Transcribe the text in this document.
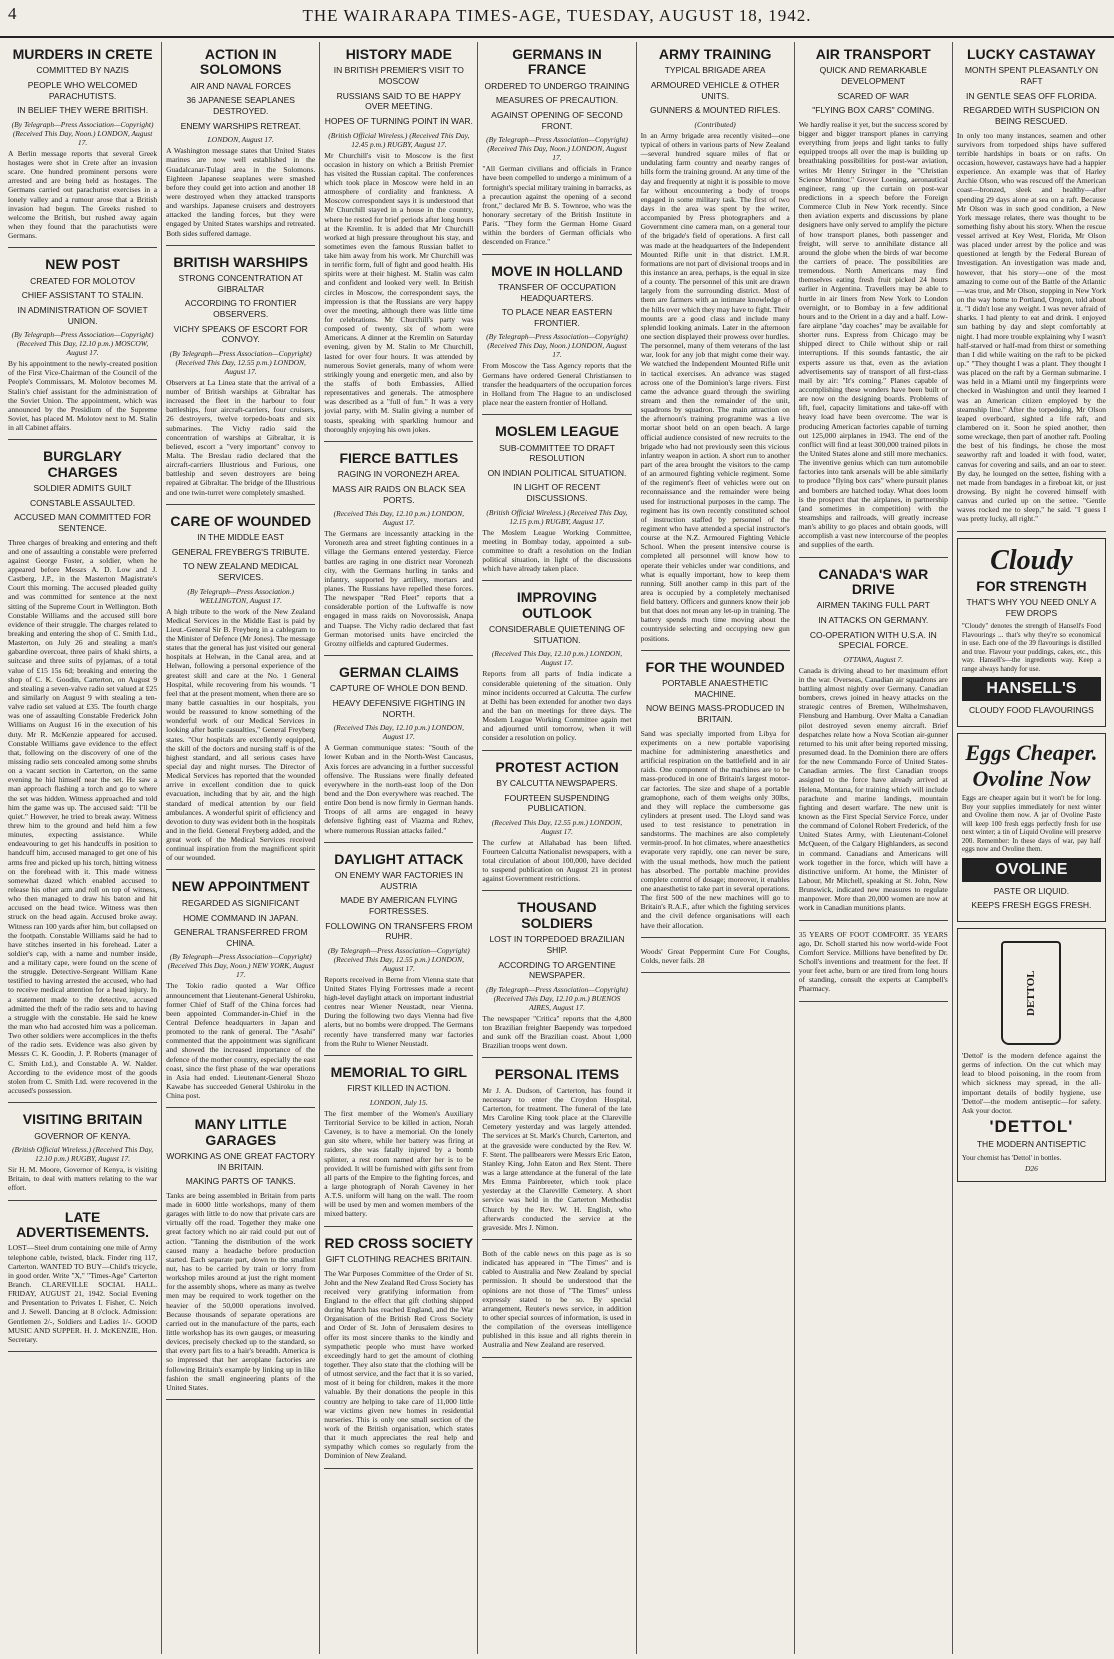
4	THE WAIRARAPA TIMES-AGE, TUESDAY, AUGUST 18, 1942.
MURDERS IN CRETE
COMMITTED BY NAZIS
PEOPLE WHO WELCOMED PARACHUTISTS.
IN BELIEF THEY WERE BRITISH.
(By Telegraph—Press Association—Copyright) (Received This Day, Noon.) LONDON, August 17.
A Berlin message reports that several Greek hostages were shot in Crete after an invasion scare. One hundred prominent persons were arrested and are being held as hostages. The Germans carried out parachutist exercises in a lonely valley and a rumour arose that a British invasion had begun. The Greeks rushed to welcome the British, but rushed away again when they found that the parachutists were Germans.
NEW POST
CREATED FOR MOLOTOV
CHIEF ASSISTANT TO STALIN.
IN ADMINISTRATION OF SOVIET UNION.
(By Telegraph—Press Association—Copyright) (Received This Day, 12.10 p.m.) MOSCOW, August 17.
By his appointment to the newly-created position of the First Vice-Chairman of the Council of the People's Commissars, M. Molotov becomes M. Stalin's chief assistant for the administration of the Soviet Union. The appointment, which was announced by the Presidium of the Supreme Soviet, has placed M. Molotov next to M. Stalin in all Cabinet affairs.
BURGLARY CHARGES
SOLDIER ADMITS GUILT
CONSTABLE ASSAULTED.
ACCUSED MAN COMMITTED FOR SENTENCE.
Three charges of breaking and entering and theft and one of assaulting a constable were preferred against George Foster, a soldier, when he appeared before Messrs A. D. Low and J. Castberg, J.P., in the Masterton Magistrate's Court this morning. The accused pleaded guilty and was committed for sentence at the next sitting of the Supreme Court in Wellington. Both Constable Williams and the accused still bore evidence of their struggle. The charges related to breaking and entering the shop of C. Smith Ltd., Masterton, on July 26 and stealing a man's gabardine overcoat, three pairs of khaki shirts, a suitcase and three suits of pyjamas, of a total value of £15 15s 6d; breaking and entering the shop of C. K. Goodin, Carterton, on August 9 and stealing a seven-valve radio set valued at £25 and similarly on August 9 with stealing a ten-valve radio set valued at £35. The fourth charge was one of assaulting Constable Frederick John Williams on August 16 in the execution of his duty. Mr R. McKenzie appeared for accused. Constable Williams gave evidence to the effect that, following on the discovery of one of the missing radio sets concealed among some shrubs on a vacant section in Carterton, on the same evening he hid himself near the set. He saw a man approach flashing a torch and go to where the set was hidden. Witness approached and told him the game was up. The accused said: "I'll be quiet." However, he tried to break away. Witness threw him to the ground and held him a few minutes, expecting assistance. While endeavouring to get his handcuffs in position to handcuff him, accused managed to get one of his arms free and picked up his torch, hitting witness on the forehead with it. This made witness somewhat dazed which enabled accused to release his other arm and roll on top of witness, who then managed to draw his baton and hit accused on the head twice. Witness was then struck on the head again. Accused broke away. Witness ran 100 yards after him, but collapsed on the footpath. Constable Williams said he had to have stitches inserted in his forehead. Later a soldier's cap, with a name and number inside, and a military cape, were found on the scene of the struggle. Detective-Sergeant William Kane testified to having arrested the accused, who had to receive medical attention for a head injury. In a statement made to the detective, accused admitted the theft of the radio sets and to having a struggle with the constable. He said he knew the man who had accosted him was a policeman. Two other soldiers were accomplices in the thefts of the radio sets. Evidence was also given by Messrs C. K. Goodin, J. P. Roberts (manager of C. Smith Ltd.), and Constable A. W. Nalder. According to the evidence most of the goods stolen from C. Smith Ltd. were recovered in the accused's possession.
VISITING BRITAIN
GOVERNOR OF KENYA.
(British Official Wireless.) (Received This Day, 12.10 p.m.) RUGBY, August 17.
Sir H. M. Moore, Governor of Kenya, is visiting Britain, to deal with matters relating to the war effort.
LATE ADVERTISEMENTS.
LOST—Steel drum containing one mile of Army telephone cable, twisted, black. Finder ring 117, Carterton. WANTED TO BUY—Child's tricycle, in good order. Write "X," "Times-Age" Carterton Branch. CLAREVILLE SOCIAL HALL. FRIDAY, AUGUST 21, 1942. Social Evening and Presentation to Privates I. Fisher, C. Neich and J. Sewell. Dancing at 8 o'clock. Admission: Gentlemen 2/-, Soldiers and Ladies 1/-. GOOD MUSIC AND SUPPER. H. J. McKENZIE, Hon. Secretary.
ACTION IN SOLOMONS
AIR AND NAVAL FORCES
36 JAPANESE SEAPLANES DESTROYED.
ENEMY WARSHIPS RETREAT.
LONDON, August 17.
A Washington message states that United States marines are now well established in the Guadalcanar-Tulagi area in the Solomons. Eighteen Japanese seaplanes were smashed before they could get into action and another 18 were destroyed when they attacked transports and warships. Japanese cruisers and destroyers attacked the landing forces, but they were engaged by United States warships and retreated. Both sides suffered damage.
BRITISH WARSHIPS
STRONG CONCENTRATION AT GIBRALTAR
ACCORDING TO FRONTIER OBSERVERS.
VICHY SPEAKS OF ESCORT FOR CONVOY.
(By Telegraph—Press Association—Copyright) (Received This Day, 12.55 p.m.) LONDON, August 17.
Observers at La Linea state that the arrival of a number of British warships at Gibraltar has increased the fleet in the harbour to four battleships, four aircraft-carriers, four cruisers, 26 destroyers, twelve torpedo-boats and six submarines. The Vichy radio said the concentration of warships at Gibraltar, it is believed, escort a "very important" convoy to Malta. The Breslau radio declared that the aircraft-carriers Illustrious and Furious, one battleship and seven destroyers are being repaired at Gibraltar. The bridge of the Illustrious and one twin-turret were completely smashed.
CARE OF WOUNDED
IN THE MIDDLE EAST
GENERAL FREYBERG'S TRIBUTE.
TO NEW ZEALAND MEDICAL SERVICES.
(By Telegraph—Press Association.) WELLINGTON, August 17.
A high tribute to the work of the New Zealand Medical Services in the Middle East is paid by Lieut.-General Sir B. Freyberg in a cablegram to the Minister of Defence (Mr Jones). The message states that the general has just visited our general hospitals at Helwan, in the Canal area, and at Helwan, following a personal experience of the greatest skill and care at the No. 1 General Hospital, while recovering from his wounds. "I feel that at the present moment, when there are so many battle casualties in our hospitals, you would be reassured to know something of the wonderful work of our Medical Services in looking after battle casualties," General Freyberg states. "Our hospitals are excellently equipped, the skill of the doctors and nursing staff is of the highest standard, and all serious cases have special day and night nurses. The Director of Medical Services has reported that the wounded arrive in excellent condition due to quick evacuation, including that by air, and the high standard of medical attention by our field ambulances. A wonderful spirit of efficiency and devotion to duty was evident both in the hospitals and in the field. General Freyberg added, and the great work of the Medical Services received continual inspiration from the magnificent spirit of our wounded.
NEW APPOINTMENT
REGARDED AS SIGNIFICANT
HOME COMMAND IN JAPAN.
GENERAL TRANSFERRED FROM CHINA.
(By Telegraph—Press Association—Copyright) (Received This Day, Noon.) NEW YORK, August 17.
The Tokio radio quoted a War Office announcement that Lieutenant-General Ushiroku, former Chief of Staff of the China forces had been appointed Commander-in-Chief in the Central Defence headquarters in Japan and promoted to the rank of general. The "Asahi" commented that the appointment was significant and showed the increased importance of the defence of the mother country, especially the east coast, since the first phase of the war operations in Asia had ended. Lieutenant-General Shozo Kawabe has succeeded General Ushiroku in the China post.
MANY LITTLE GARAGES
WORKING AS ONE GREAT FACTORY IN BRITAIN.
MAKING PARTS OF TANKS.
Tanks are being assembled in Britain from parts made in 6000 little workshops, many of them garages with little to do now that private cars are virtually off the road. Together they make one great factory which no air raid could put out of action. "Tanning the distribution of the work caused many a headache before production started. Each separate part, down to the smallest nut, has to be carried by train or lorry from workshop miles around at just the right moment for the assembly shops, where as many as twelve men may be required to work together on the heavier of the 50,000 operations involved. Because thousands of separate operations are carried out in the manufacture of the parts, each little workshop has its own gauges, or measuring devices, precisely checked up to the standard, so that every part fits to a hair's breadth. America is so impressed that her aeroplane factories are following Britain's example by linking up in like fashion the small engineering plants of the United States.
HISTORY MADE
IN BRITISH PREMIER'S VISIT TO MOSCOW
RUSSIANS SAID TO BE HAPPY OVER MEETING.
HOPES OF TURNING POINT IN WAR.
(British Official Wireless.) (Received This Day, 12.45 p.m.) RUGBY, August 17.
Mr Churchill's visit to Moscow is the first occasion in history on which a British Premier has visited the Russian capital. The conferences which took place in Moscow were held in an atmosphere of cordiality and frankness. A Moscow correspondent says it is understood that Mr Churchill stayed in a house in the country, where he rested for brief periods after long hours at the Kremlin. It is added that Mr Churchill worked at high pressure throughout his stay, and sometimes even the famous Russian ballet to take him away from his work. Mr Churchill was in terrific form, full of fight and good health. His spirits were at their highest. M. Stalin was calm and confident and looked very well. In British circles in Moscow, the correspondent says, the impression is that the Russians are very happy over the meeting, although there was little time for celebrations. Mr Churchill's party was composed of twenty, six of whom were Americans. A dinner at the Kremlin on Saturday evening, given by M. Stalin to Mr Churchill, lasted for over four hours. It was attended by numerous Soviet generals, many of whom were strikingly young and energetic men, and also by the staffs of both Embassies, Allied representatives and generals. The atmosphere was described as a "full of fun." It was a very jovial party, with M. Stalin giving a number of toasts, speaking with sparkling humour and thoroughly enjoying his own jokes.
FIERCE BATTLES
RAGING IN VORONEZH AREA.
MASS AIR RAIDS ON BLACK SEA PORTS.
(Received This Day, 12.10 p.m.) LONDON, August 17.
The Germans are incessantly attacking in the Voronezh area and street fighting continues in a village the Germans entered yesterday. Fierce battles are raging in one district near Voronezh city, with the Germans hurling in tanks and infantry, supported by artillery, mortars and planes. The Russians have repelled these forces. The newspaper "Red Fleet" reports that a considerable portion of the Luftwaffe is now engaged in mass raids on Novorossisk, Anapa and Tuapse. The Vichy radio declared that fast German motorised units have encircled the Grozny oilfields and captured Gudermes.
GERMAN CLAIMS
CAPTURE OF WHOLE DON BEND.
HEAVY DEFENSIVE FIGHTING IN NORTH.
(Received This Day, 12.10 p.m.) LONDON, August 17.
A German communique states: "South of the lower Kuban and in the North-West Caucasus, Axis forces are advancing in a further successful offensive. The Russians were finally defeated everywhere in the north-east loop of the Don bend and the Don everywhere was reached. The entire Don bend is now firmly in German hands. Troops of all arms are engaged in heavy defensive fighting east of Viazma and Rzhev, where numerous Russian attacks failed."
DAYLIGHT ATTACK
ON ENEMY WAR FACTORIES IN AUSTRIA
MADE BY AMERICAN FLYING FORTRESSES.
FOLLOWING ON TRANSFERS FROM RUHR.
(By Telegraph—Press Association—Copyright) (Received This Day, 12.55 p.m.) LONDON, August 17.
Reports received in Berne from Vienna state that United States Flying Fortresses made a recent high-level daylight attack on important industrial centres near Wiener Neustadt, near Vienna. During the following two days Vienna had five alerts, but no bombs were dropped. The Germans recently have transferred many war factories from the Ruhr to Wiener Neustadt.
MEMORIAL TO GIRL
FIRST KILLED IN ACTION.
LONDON, July 15.
The first member of the Women's Auxiliary Territorial Service to be killed in action, Norah Caveney, is to have a memorial. On the lonely gun site where, while her battery was firing at raiders, she was fatally injured by a bomb splinter, a rest room named after her is to be provided. It will be furnished with gifts sent from all parts of the Empire to the fighting forces, and a large photograph of Norah Caveney in her A.T.S. uniform will hang on the wall. The room will be used by men and women members of the mixed battery.
RED CROSS SOCIETY
GIFT CLOTHING REACHES BRITAIN.
The War Purposes Committee of the Order of St. John and the New Zealand Red Cross Society has received very gratifying information from England to the effect that gift clothing shipped during March has reached England, and the War Organisation of the British Red Cross Society and Order of St. John of Jerusalem desires to offer its most sincere thanks to the kindly and sympathetic people who must have worked exceedingly hard to get the amount of clothing together. They also state that the clothing will be of utmost service, and the fact that it is so varied, most of it being for children, makes it the more valuable. By their donations the people in this country are helping to take care of 11,000 little war victims given new homes in residential nurseries. This is only one small section of the work of the British organisation, which states that it much appreciates the real help and sympathy which comes so regularly from the Dominion of New Zealand.
GERMANS IN FRANCE
ORDERED TO UNDERGO TRAINING
MEASURES OF PRECAUTION.
AGAINST OPENING OF SECOND FRONT.
(By Telegraph—Press Association—Copyright) (Received This Day, Noon.) LONDON, August 17.
"All German civilians and officials in France have been compelled to undergo a minimum of a fortnight's special military training in barracks, as a precaution against the opening of a second front," declared Mr B. S. Townroe, who was the honorary secretary of the British Institute in Paris. "They form the German Home Guard within the borders of German officials who descended on France."
MOVE IN HOLLAND
TRANSFER OF OCCUPATION HEADQUARTERS.
TO PLACE NEAR EASTERN FRONTIER.
(By Telegraph—Press Association—Copyright) (Received This Day, Noon.) LONDON, August 17.
From Moscow the Tass Agency reports that the Germans have ordered General Christiansen to transfer the headquarters of the occupation forces in Holland from The Hague to an undisclosed place near the eastern frontier of Holland.
MOSLEM LEAGUE
SUB-COMMITTEE TO DRAFT RESOLUTION
ON INDIAN POLITICAL SITUATION.
IN LIGHT OF RECENT DISCUSSIONS.
(British Official Wireless.) (Received This Day, 12.15 p.m.) RUGBY, August 17.
The Moslem League Working Committee, meeting in Bombay today, appointed a sub-committee to draft a resolution on the Indian political situation, in light of the discussions which have already taken place.
IMPROVING OUTLOOK
CONSIDERABLE QUIETENING OF SITUATION.
(Received This Day, 12.10 p.m.) LONDON, August 17.
Reports from all parts of India indicate a considerable quietening of the situation. Only minor incidents occurred at Calcutta. The curfew at Delhi has been extended for another two days and the ban on meetings for three days. The Moslem League Working Committee again met and adjourned until tomorrow, when it will consider a resolution on policy.
PROTEST ACTION
BY CALCUTTA NEWSPAPERS.
FOURTEEN SUSPENDING PUBLICATION.
(Received This Day, 12.55 p.m.) LONDON, August 17.
The curfew at Allahabad has been lifted. Fourteen Calcutta Nationalist newspapers, with a total circulation of about 100,000, have decided to suspend publication on August 21 in protest against Government restrictions.
THOUSAND SOLDIERS
LOST IN TORPEDOED BRAZILIAN SHIP.
ACCORDING TO ARGENTINE NEWSPAPER.
(By Telegraph—Press Association—Copyright) (Received This Day, 12.10 p.m.) BUENOS AIRES, August 17.
The newspaper "Critica" reports that the 4,800 ton Brazilian freighter Baependy was torpedoed and sunk off the Brazilian coast. About 1,000 Brazilian troops went down.
PERSONAL ITEMS
Mr J. A. Dudson, of Carterton, has found it necessary to enter the Croydon Hospital, Carterton, for treatment. The funeral of the late Mrs Caroline King took place at the Clareville Cemetery yesterday and was largely attended. The services at St. Mark's Church, Carterton, and at the graveside were conducted by the Rev. W. F. Stent. The pallbearers were Messrs Eric Eaton, Stanley King, John Eaton and Rex Stent. There was a large attendance at the funeral of the late Mrs Emma Painbreeter, which took place yesterday at the Clareville Cemetery. A short service was held in the Carterton Methodist Church by the Rev. W. H. English, who afterwards conducted the service at the graveside. Mrs J. Nimon.
Both of the cable news on this page as is so indicated has appeared in "The Times" and is cabled to Australia and New Zealand by special permission. It should be understood that the opinions are not those of "The Times" unless expressly stated to be so. By special arrangement, Reuter's news service, in addition to other special sources of information, is used in the compilation of the overseas intelligence published in this issue and all rights therein in Australia and New Zealand are reserved.
ARMY TRAINING
TYPICAL BRIGADE AREA
ARMOURED VEHICLE & OTHER UNITS.
GUNNERS & MOUNTED RIFLES.
(Contributed)
In an Army brigade area recently visited—one typical of others in various parts of New Zealand—several hundred square miles of flat or undulating farm country and nearby ranges of hills form the training ground. At any time of the day and frequently at night it is possible to move far without encountering a body of troops engaged in some military task. The first of two days in the area was spent by the writer, accompanied by Press photographers and a Government cine camera man, on a general tour of the brigade's field of operations. A first call was made at the headquarters of the Independent Mounted Rifle unit in that district. I.M.R. formations are not part of divisional troops and in this instance an area, perhaps, is the equal in size of a county. The personnel of this unit are drawn largely from the surrounding district. Most of them are farmers with an intimate knowledge of the hills over which they may have to fight. Their mounts are a good class and include many splendid looking animals. Later in the afternoon one section displayed their prowess over hurdles. The personnel, many of them veterans of the last war, look for any job that might come their way. We watched the Independent Mounted Rifle unit in tactical exercises. An advance was staged across one of the Dominion's large rivers. First came the advance guard through the swirling stream and then the remainder of the unit, squadrons by squadron. The main attraction on the afternoon's training programme was a live mortar shoot held on an open beach. A large official audience consisted of new recruits to the brigade who had not previously seen this vicious infantry weapon in action. A short run to another part of the area brought the visitors to the camp of an armoured fighting vehicle regiment. Some of the regiment's fleet of vehicles were out on reconnaissance and the remainder were being used for instructional purposes in the camp. The regiment has its own recently constituted school of instruction staffed by personnel of the regiment who have attended a special instructor's course at the N.Z. Armoured Fighting Vehicle School. When the present intensive course is completed all personnel will know how to operate their vehicles under war conditions, and what is equally important, how to keep them running. Still another camp in this part of the area is occupied by a completely mechanised field battery. Officers and gunners know their job but that does not mean any let-up in training. The battery spends much time moving about the countryside selecting and occupying new gun positions.
FOR THE WOUNDED
PORTABLE ANAESTHETIC MACHINE.
NOW BEING MASS-PRODUCED IN BRITAIN.
Sand was specially imported from Libya for experiments on a new portable vaporising machine for administering anaesthetics and artificial respiration on the battlefield and in air raids. One component of the machines are to be mass-produced in one of Britain's largest motor-car factories. The size and shape of a portable gramophone, each of them weighs only 30lbs, and they will replace the cumbersome gas cylinders at present used. The Lloyd sand was used to test resistance to penetration in sandstorms. The machines are also completely vermin-proof. In hot climates, where anaesthetics evaporate very rapidly, one can never be sure, with the usual methods, how much the patient has absorbed. The portable machine provides complete control of dosage; moreover, it enables one anaesthetist to take part in several operations. The first 500 of the new machines will go to Britain's R.A.F., after which the fighting services and the civil defence organisations will each have their allocation.
Woods' Great Peppermint Cure For Coughs, Colds, never fails. 28
AIR TRANSPORT
QUICK AND REMARKABLE DEVELOPMENT
SCARED OF WAR
"FLYING BOX CARS" COMING.
We hardly realise it yet, but the success scored by bigger and bigger transport planes in carrying everything from jeeps and light tanks to fully equipped troops all over the map is building up breathtaking possibilities for post-war aviation, writes Mr Henry Stringer in the "Christian Science Monitor." Grover Loening, aeronautical engineer, rang up the curtain on post-war predictions in a speech before the Foreign Commerce Club in New York recently. Since then aviation experts and discussions by plane designers have only served to amplify the picture of how transport planes, both passenger and freight, will serve to annihilate distance all around the globe when the birds of war become the carriers of peace. The possibilities are tremendous. North Americans may find themselves eating fresh fruit picked 24 hours earlier in Argentina. Travellers may be able to hurtle in air liners from New York to London overnight, or to Bombay in a few additional hours and to the Orient in a day and a half. Low-fare airplane "day coaches" may be available for shorter runs. Express from Chicago may be shipped direct to Chile without ship or rail interruptions. If this sounds fantastic, the air experts assure us that, even as the aviation advertisements say of transport of all first-class mail by air: "It's coming." Planes capable of accomplishing these wonders have been built or are now on the designing boards. Problems of lift, fuel, capacity limitations and take-off with heavy load have been overcome. The war is producing American factories capable of turning out 125,000 airplanes in 1943. The end of the conflict will find at least 300,000 trained pilots in the United States alone and still more mechanics. The inventive genius which can turn automobile factories into tank arsenals will be able similarly to produce "flying box cars" where pursuit planes and bombers are hatched today. What does loom is the prospect that the airplanes, in partnership (and sometimes in competition) with the steamships and railroads, will greatly increase man's ability to go places and obtain goods, will accomplish a vast new intercourse of the peoples and supplies of the earth.
CANADA'S WAR DRIVE
AIRMEN TAKING FULL PART
IN ATTACKS ON GERMANY.
CO-OPERATION WITH U.S.A. IN SPECIAL FORCE.
OTTAWA, August 7.
Canada is driving ahead to her maximum effort in the war. Overseas, Canadian air squadrons are battling almost nightly over Germany. Canadian bombers, crews joined in heavy attacks on the strategic centres of Bremen, Wilhelmshaven, Flensburg and Hamburg. Over Malta a Canadian pilot destroyed seven enemy aircraft. Brief despatches relate how a Nova Scotian air-gunner returned to his unit after being reported missing, presumed dead. In the Dominion there are offers for the new Commando Force of United States-Canadian armies. The first Canadian troops assigned to the force have already arrived at Helena, Montana, for training which will include parachute and marine landings, mountain fighting and desert warfare. The new unit is known as the First Special Service Force, under the command of Colonel Robert Frederick, of the United States Army, with Lieutenant-Colonel McQueen, of the Calgary Highlanders, as second in command. Canadians and Americans will work together in the force, which will have a distinctive uniform. At home, the Minister of Labour, Mr Mitchell, speaking at St. John, New Brunswick, indicated new measures to regulate manpower. More than 20,000 women are now at work in Canadian munitions plants.
35 YEARS OF FOOT COMFORT. 35 YEARS ago, Dr. Scholl started his now world-wide Foot Comfort Service. Millions have benefited by Dr. Scholl's inventions and treatment for the feet. If your feet ache, burn or are tired from long hours of standing, consult the experts at Campbell's Pharmacy.
LUCKY CASTAWAY
MONTH SPENT PLEASANTLY ON RAFT
IN GENTLE SEAS OFF FLORIDA.
REGARDED WITH SUSPICION ON BEING RESCUED.
In only too many instances, seamen and other survivors from torpedoed ships have suffered terrible hardships in boats or on rafts. On occasion, however, castaways have had a happier experience. An example was that of Harley Archie Olson, who was rescued off the American coast—bronzed, sleek and healthy—after spending 29 days alone at sea on a raft. Because Mr Olson was in such good condition, a New York message relates, there was thought to be something fishy about his story. When the rescue vessel arrived at Key West, Florida, Mr Olson was placed under arrest by the police and was questioned at length by the Federal Bureau of Investigation. An investigation was made and, however, that his story—one of the most amazing to come out of the Battle of the Atlantic—was true, and Mr Olson, stopping in New York on the way home to Portland, Oregon, told about it. "I didn't lose any weight. I was never afraid of sharks. I had plenty to eat and drink. I enjoyed sun bathing by day and slept comfortably at night. I had more trouble explaining why I wasn't half-starved or half-mad from thirst or something than I did while waiting on the raft to be picked up." "They thought I was a plant. They thought I was placed on the raft by a German submarine. I was held in a Miami until my fingerprints were checked in Washington and until they learned I was an American citizen employed by the steamship line." After the torpedoing, Mr Olson leaped overboard, sighted a life raft, and clambered on it. Soon he spied another, then some wreckage, then part of another raft. Pooling the best of his findings, he chose the most seaworthy raft and loaded it with food, water, canvas for covering and sails, and an oar to steer. By day, he lounged on the settee, fishing with a net made from bandages in a fireboat kit, or just drowsing. By night he covered himself with canvas and curled up on the settee. "Gentle waves rocked me to sleep," he said. "I guess I was pretty lucky, all right."
Cloudy
FOR STRENGTH
THAT'S WHY YOU NEED ONLY A FEW DROPS
"Cloudy" denotes the strength of Hansell's Food Flavourings ... that's why they're so economical in use. Each one of the 39 flavourings is distilled and true. Flavour your puddings, cakes, etc., this way. Hansell's—the ingredients way. Keep a range always handy for use.
HANSELL'S
CLOUDY FOOD FLAVOURINGS
Eggs Cheaper. Ovoline Now
Eggs are cheaper again but it won't be for long. Buy your supplies immediately for next winter and Ovoline them now. A jar of Ovoline Paste will keep 100 fresh eggs perfectly fresh for use next winter; a tin of Liquid Ovoline will preserve 200. Remember: In these days of war, pay half eggs now and Ovoline them.
OVOLINE
PASTE OR LIQUID.
KEEPS FRESH EGGS FRESH.
DETTOL
'Dettol' is the modern defence against the germs of infection. On the cut which may lead to blood poisoning, in the room from which sickness may spread, in the all-important details of bodily hygiene, use 'Dettol'—the modern antiseptic—for safety. Ask your doctor.
'DETTOL'
THE MODERN ANTISEPTIC
Your chemist has 'Dettol' in bottles.
D26
